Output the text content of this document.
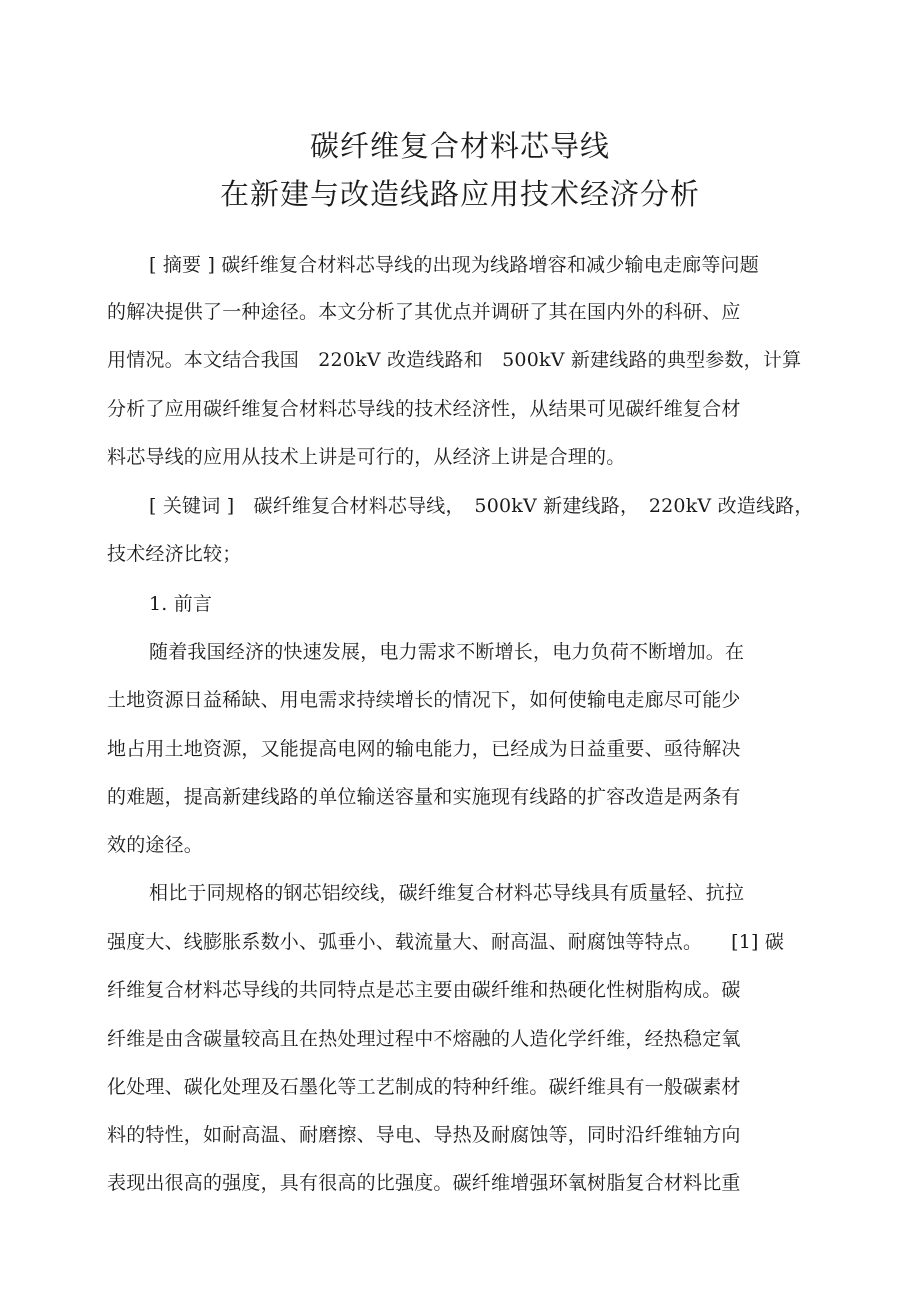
碳纤维复合材料芯导线
在新建与改造线路应用技术经济分析
[ 摘要 ] 碳纤维复合材料芯导线的出现为线路增容和减少输电走廊等问题
的解决提供了一种途径。本文分析了其优点并调研了其在国内外的科研、应
用情况。本文结合我国　220kV 改造线路和　500kV 新建线路的典型参数，计算
分析了应用碳纤维复合材料芯导线的技术经济性，从结果可见碳纤维复合材
料芯导线的应用从技术上讲是可行的，从经济上讲是合理的。
[ 关键词 ]　碳纤维复合材料芯导线，　500kV 新建线路，　220kV 改造线路，
技术经济比较；
1. 前言
随着我国经济的快速发展，电力需求不断增长，电力负荷不断增加。在
土地资源日益稀缺、用电需求持续增长的情况下，如何使输电走廊尽可能少
地占用土地资源，又能提高电网的输电能力，已经成为日益重要、亟待解决
的难题，提高新建线路的单位输送容量和实施现有线路的扩容改造是两条有
效的途径。
相比于同规格的钢芯铝绞线，碳纤维复合材料芯导线具有质量轻、抗拉
强度大、线膨胀系数小、弧垂小、载流量大、耐高温、耐腐蚀等特点。　　[1] 碳
纤维复合材料芯导线的共同特点是芯主要由碳纤维和热硬化性树脂构成。碳
纤维是由含碳量较高且在热处理过程中不熔融的人造化学纤维，经热稳定氧
化处理、碳化处理及石墨化等工艺制成的特种纤维。碳纤维具有一般碳素材
料的特性，如耐高温、耐磨擦、导电、导热及耐腐蚀等，同时沿纤维轴方向
表现出很高的强度，具有很高的比强度。碳纤维增强环氧树脂复合材料比重
